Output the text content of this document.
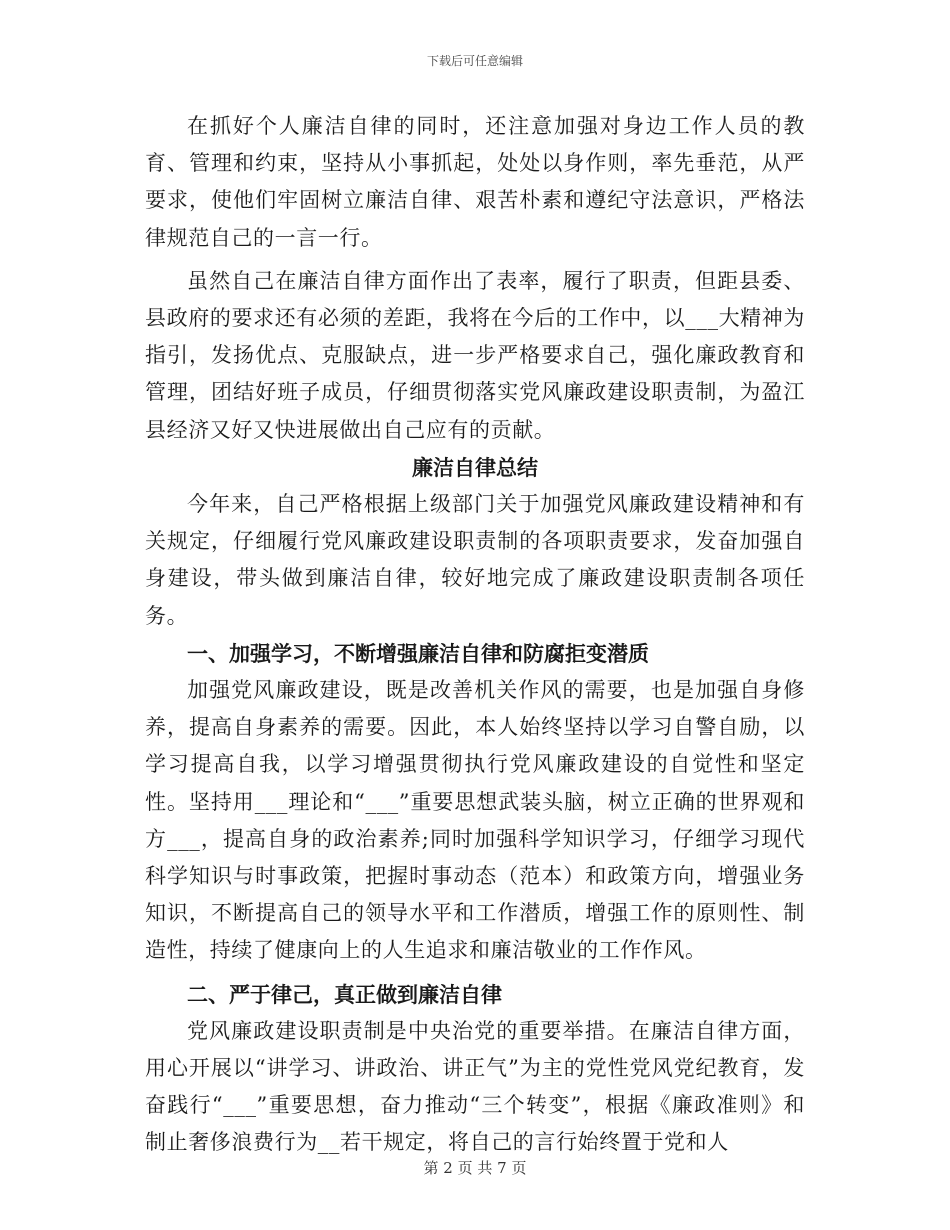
下载后可任意编辑

在抓好个人廉洁自律的同时，还注意加强对身边工作人员的教育、管理和约束，坚持从小事抓起，处处以身作则，率先垂范，从严要求，使他们牢固树立廉洁自律、艰苦朴素和遵纪守法意识，严格法律规范自己的一言一行。

虽然自己在廉洁自律方面作出了表率，履行了职责，但距县委、县政府的要求还有必须的差距，我将在今后的工作中，以___大精神为指引，发扬优点、克服缺点，进一步严格要求自己，强化廉政教育和管理，团结好班子成员，仔细贯彻落实党风廉政建设职责制，为盈江县经济又好又快进展做出自己应有的贡献。

廉洁自律总结

今年来，自己严格根据上级部门关于加强党风廉政建设精神和有关规定，仔细履行党风廉政建设职责制的各项职责要求，发奋加强自身建设，带头做到廉洁自律，较好地完成了廉政建设职责制各项任务。

一、加强学习，不断增强廉洁自律和防腐拒变潜质

加强党风廉政建设，既是改善机关作风的需要，也是加强自身修养，提高自身素养的需要。因此，本人始终坚持以学习自警自励，以学习提高自我，以学习增强贯彻执行党风廉政建设的自觉性和坚定性。坚持用___理论和“___”重要思想武装头脑，树立正确的世界观和方___，提高自身的政治素养;同时加强科学知识学习，仔细学习现代科学知识与时事政策，把握时事动态（范本）和政策方向，增强业务知识，不断提高自己的领导水平和工作潜质，增强工作的原则性、制造性，持续了健康向上的人生追求和廉洁敬业的工作作风。

二、严于律己，真正做到廉洁自律

党风廉政建设职责制是中央治党的重要举措。在廉洁自律方面，用心开展以“讲学习、讲政治、讲正气”为主的党性党风党纪教育，发奋践行“___”重要思想，奋力推动“三个转变”，根据《廉政准则》和制止奢侈浪费行为__若干规定，将自己的言行始终置于党和人

第 2 页 共 7 页
